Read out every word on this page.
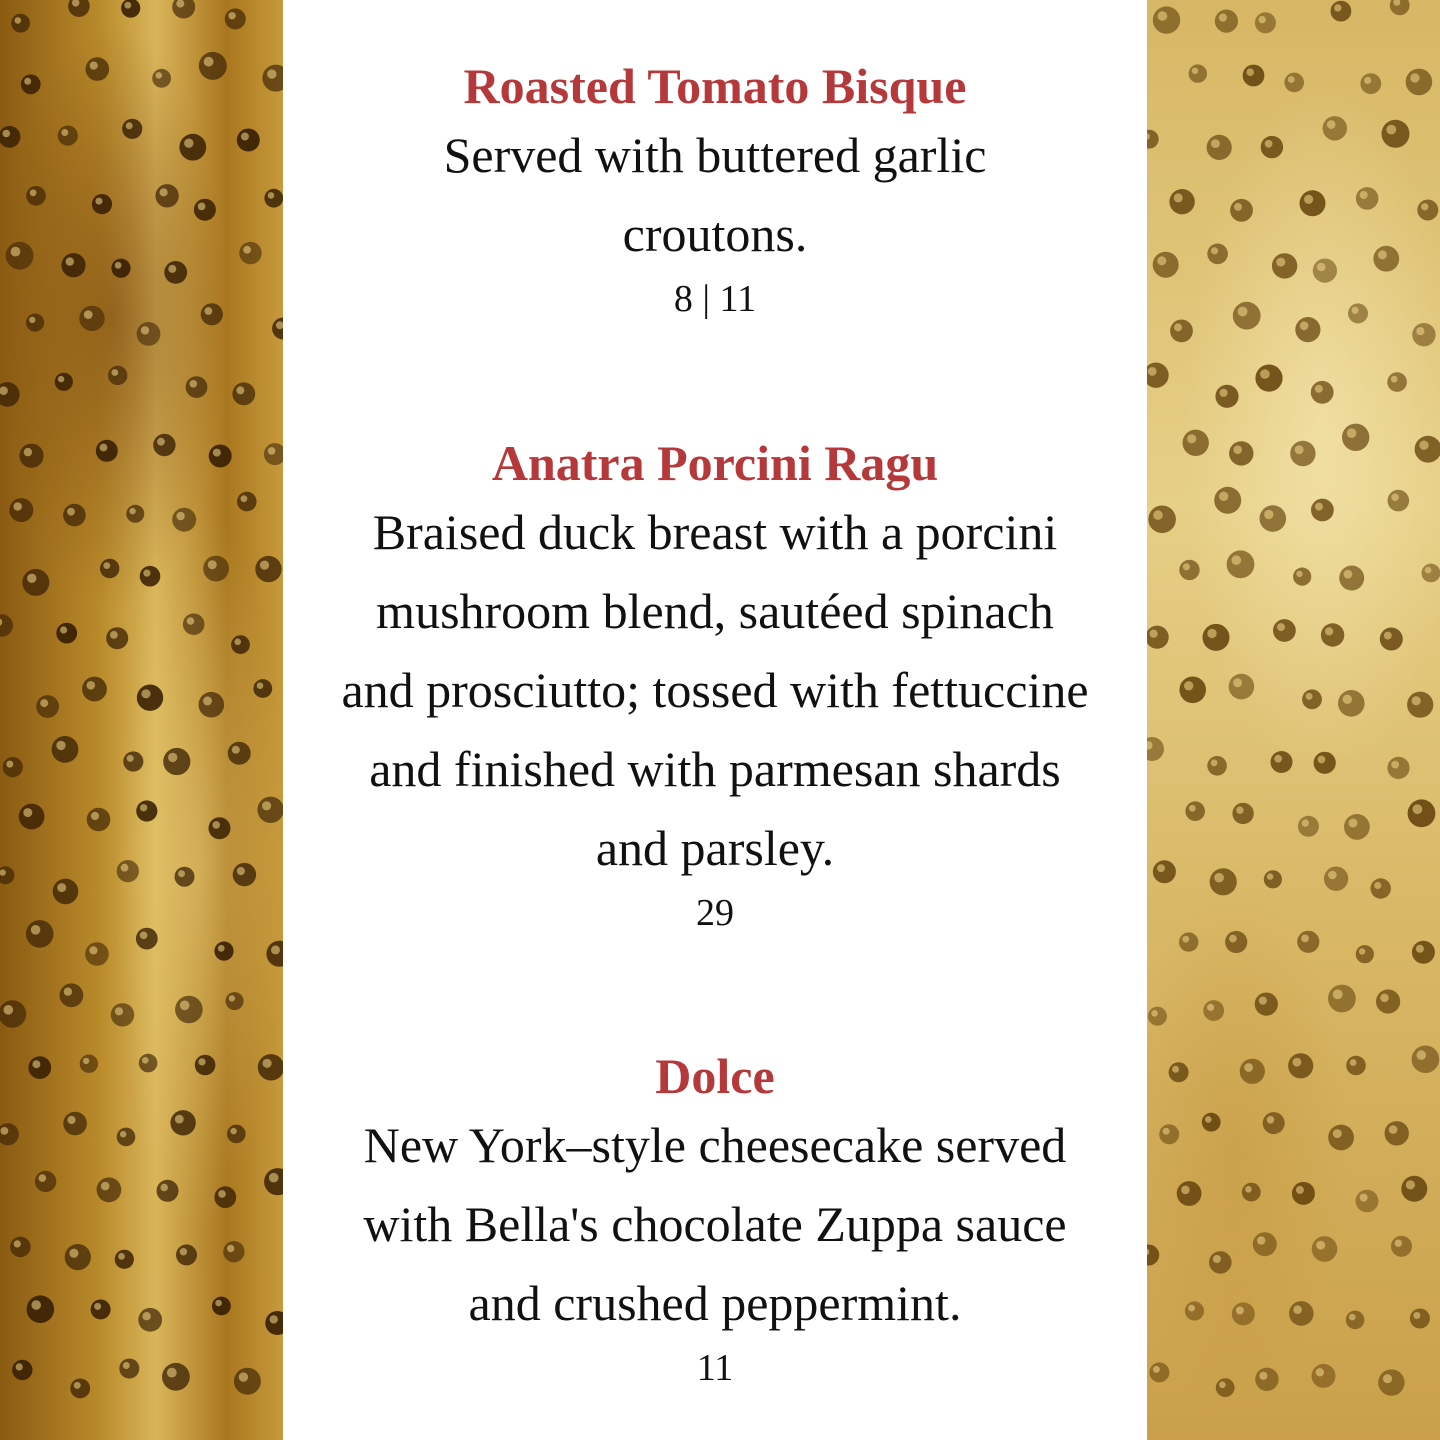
Roasted Tomato Bisque

Served with buttered garlic croutons.

8 | 11

Anatra Porcini Ragu

Braised duck breast with a porcini mushroom blend, sautéed spinach and prosciutto; tossed with fettuccine and finished with parmesan shards and parsley.

29

Dolce

New York–style cheesecake served with Bella's chocolate Zuppa sauce and crushed peppermint.

11
